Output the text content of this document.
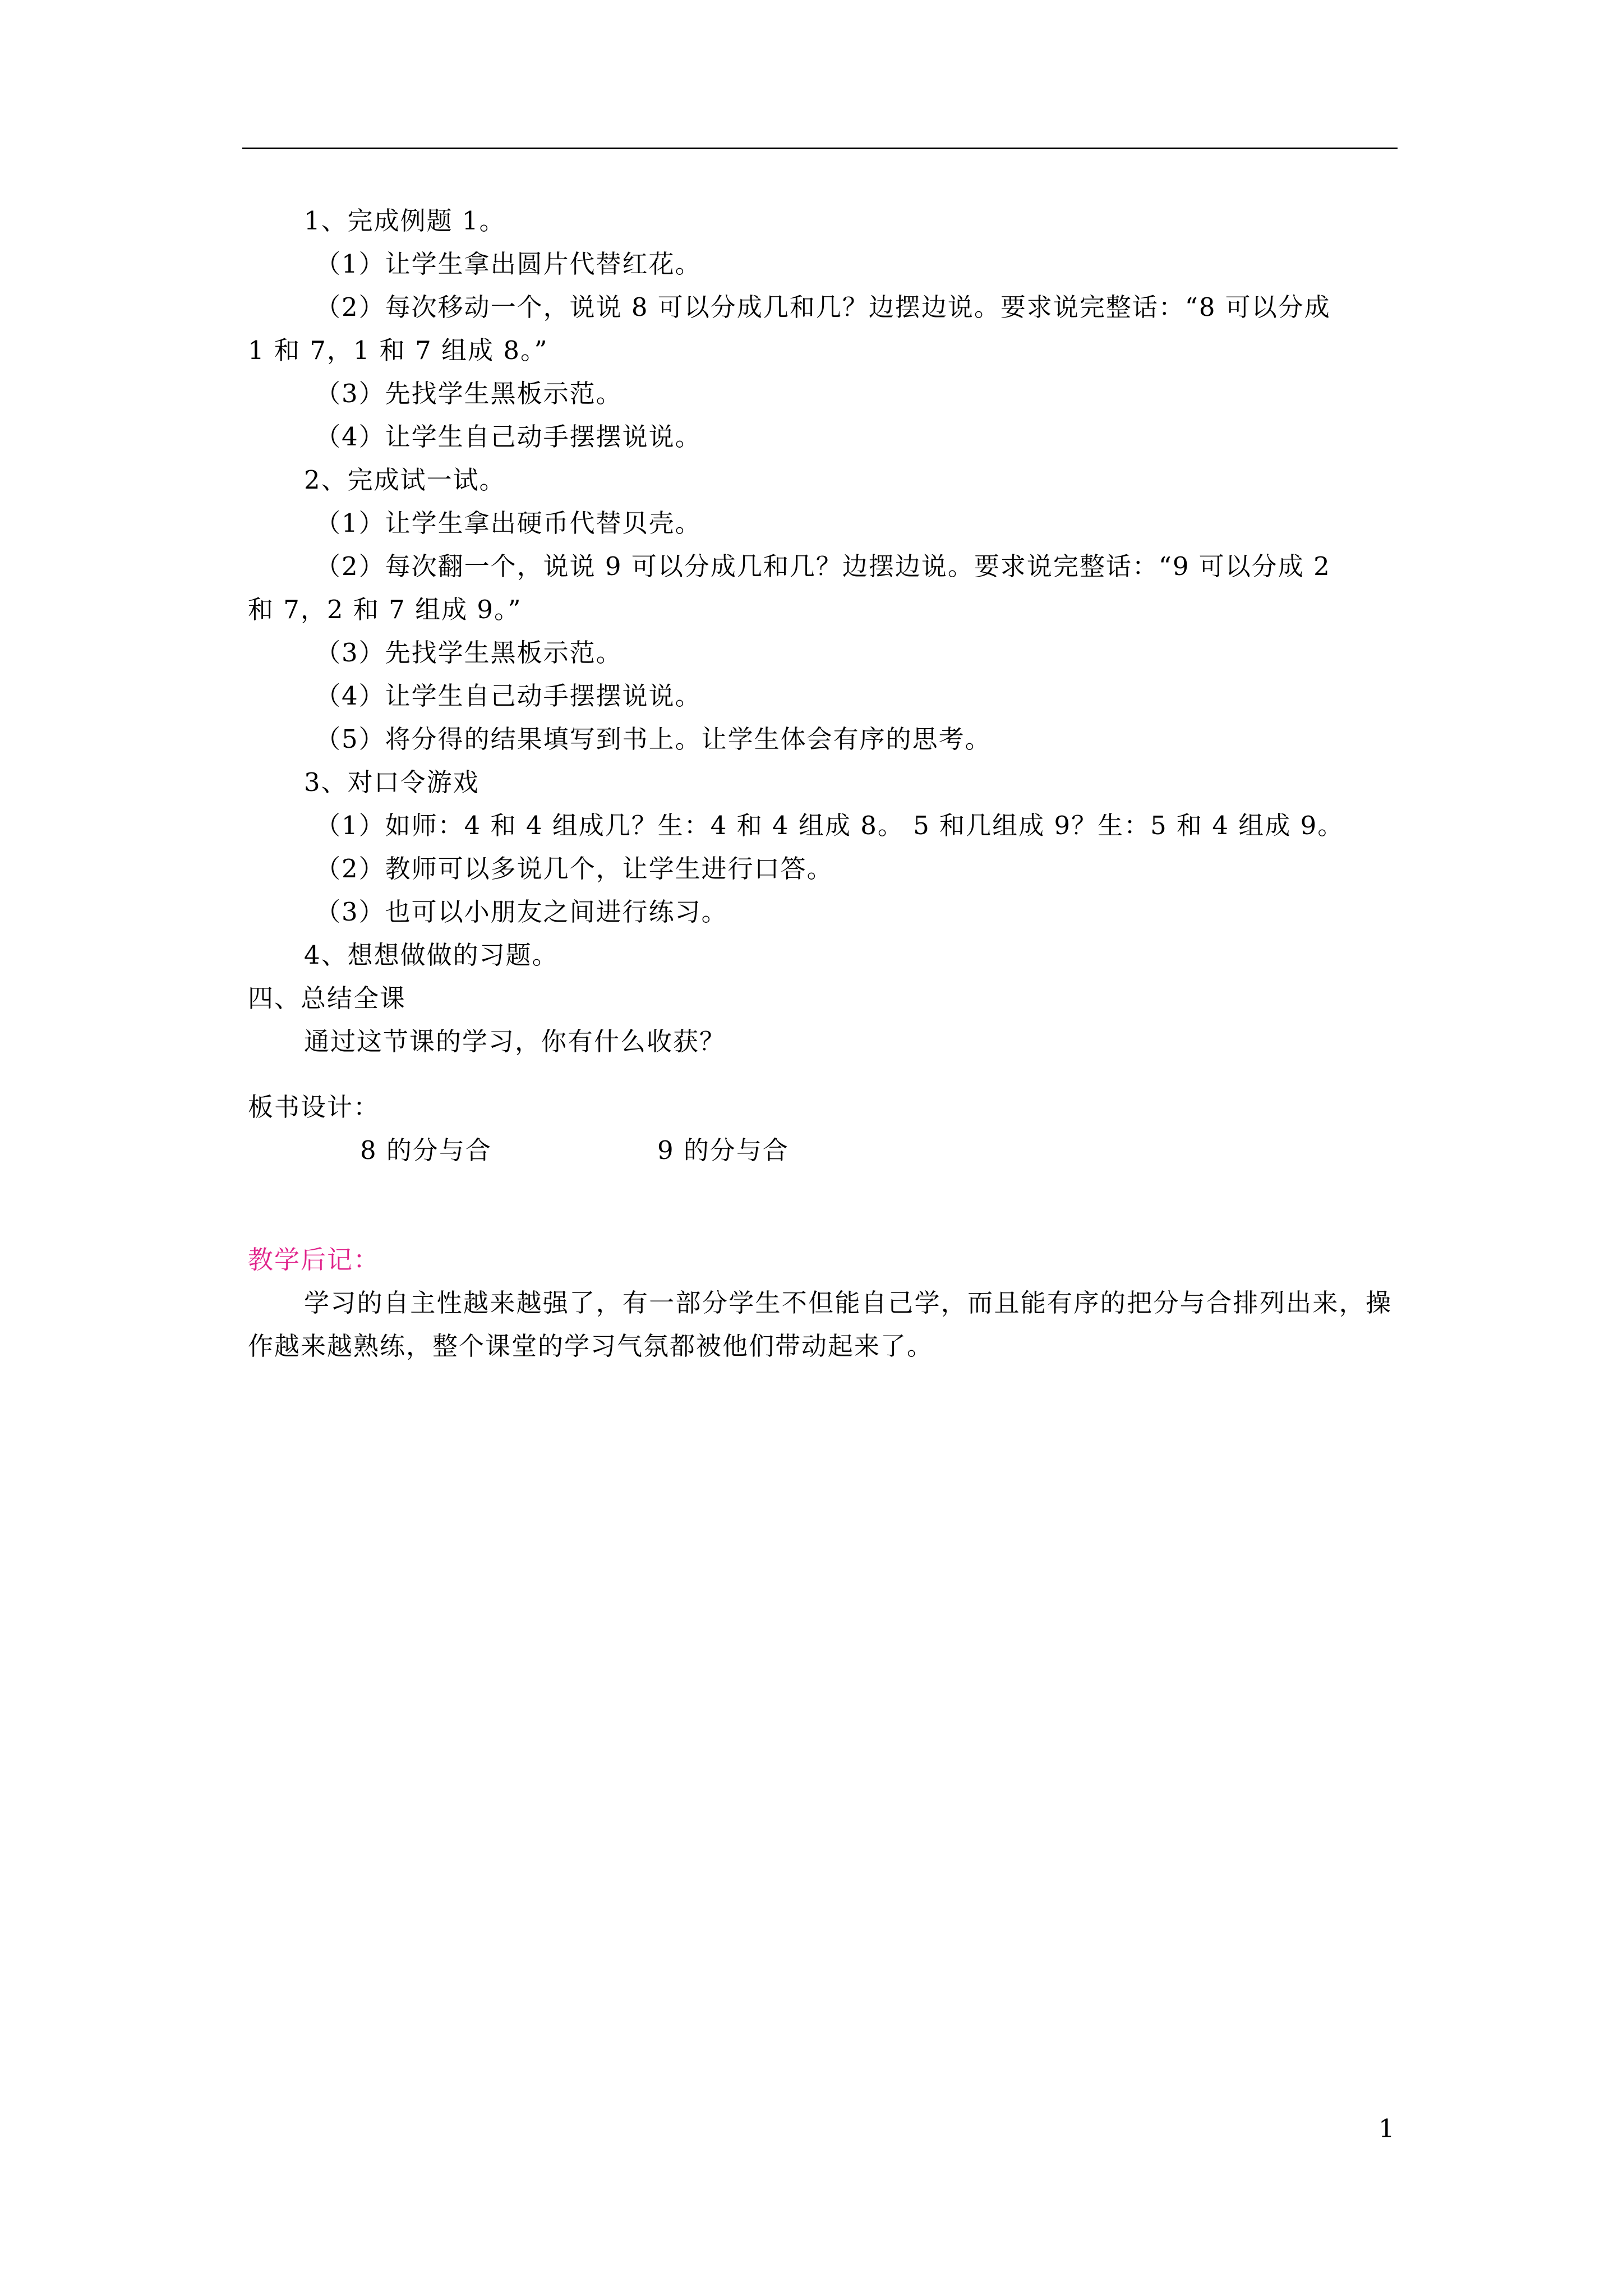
1、完成例题 1。
（1）让学生拿出圆片代替红花。
（2）每次移动一个，说说 8 可以分成几和几？边摆边说。要求说完整话：“8 可以分成
1 和 7，1 和 7 组成 8。”
（3）先找学生黑板示范。
（4）让学生自己动手摆摆说说。
2、完成试一试。
（1）让学生拿出硬币代替贝壳。
（2）每次翻一个，说说 9 可以分成几和几？边摆边说。要求说完整话：“9 可以分成 2
和 7，2 和 7 组成 9。”
（3）先找学生黑板示范。
（4）让学生自己动手摆摆说说。
（5）将分得的结果填写到书上。让学生体会有序的思考。
3、对口令游戏
（1）如师：4 和 4 组成几？生：4 和 4 组成 8。 5 和几组成 9？生：5 和 4 组成 9。
（2）教师可以多说几个，让学生进行口答。
（3）也可以小朋友之间进行练习。
4、想想做做的习题。
四、总结全课
通过这节课的学习，你有什么收获？
板书设计：
8 的分与合	9 的分与合
教学后记：
学习的自主性越来越强了，有一部分学生不但能自己学，而且能有序的把分与合排列出来，操作越来越熟练，整个课堂的学习气氛都被他们带动起来了。
1
